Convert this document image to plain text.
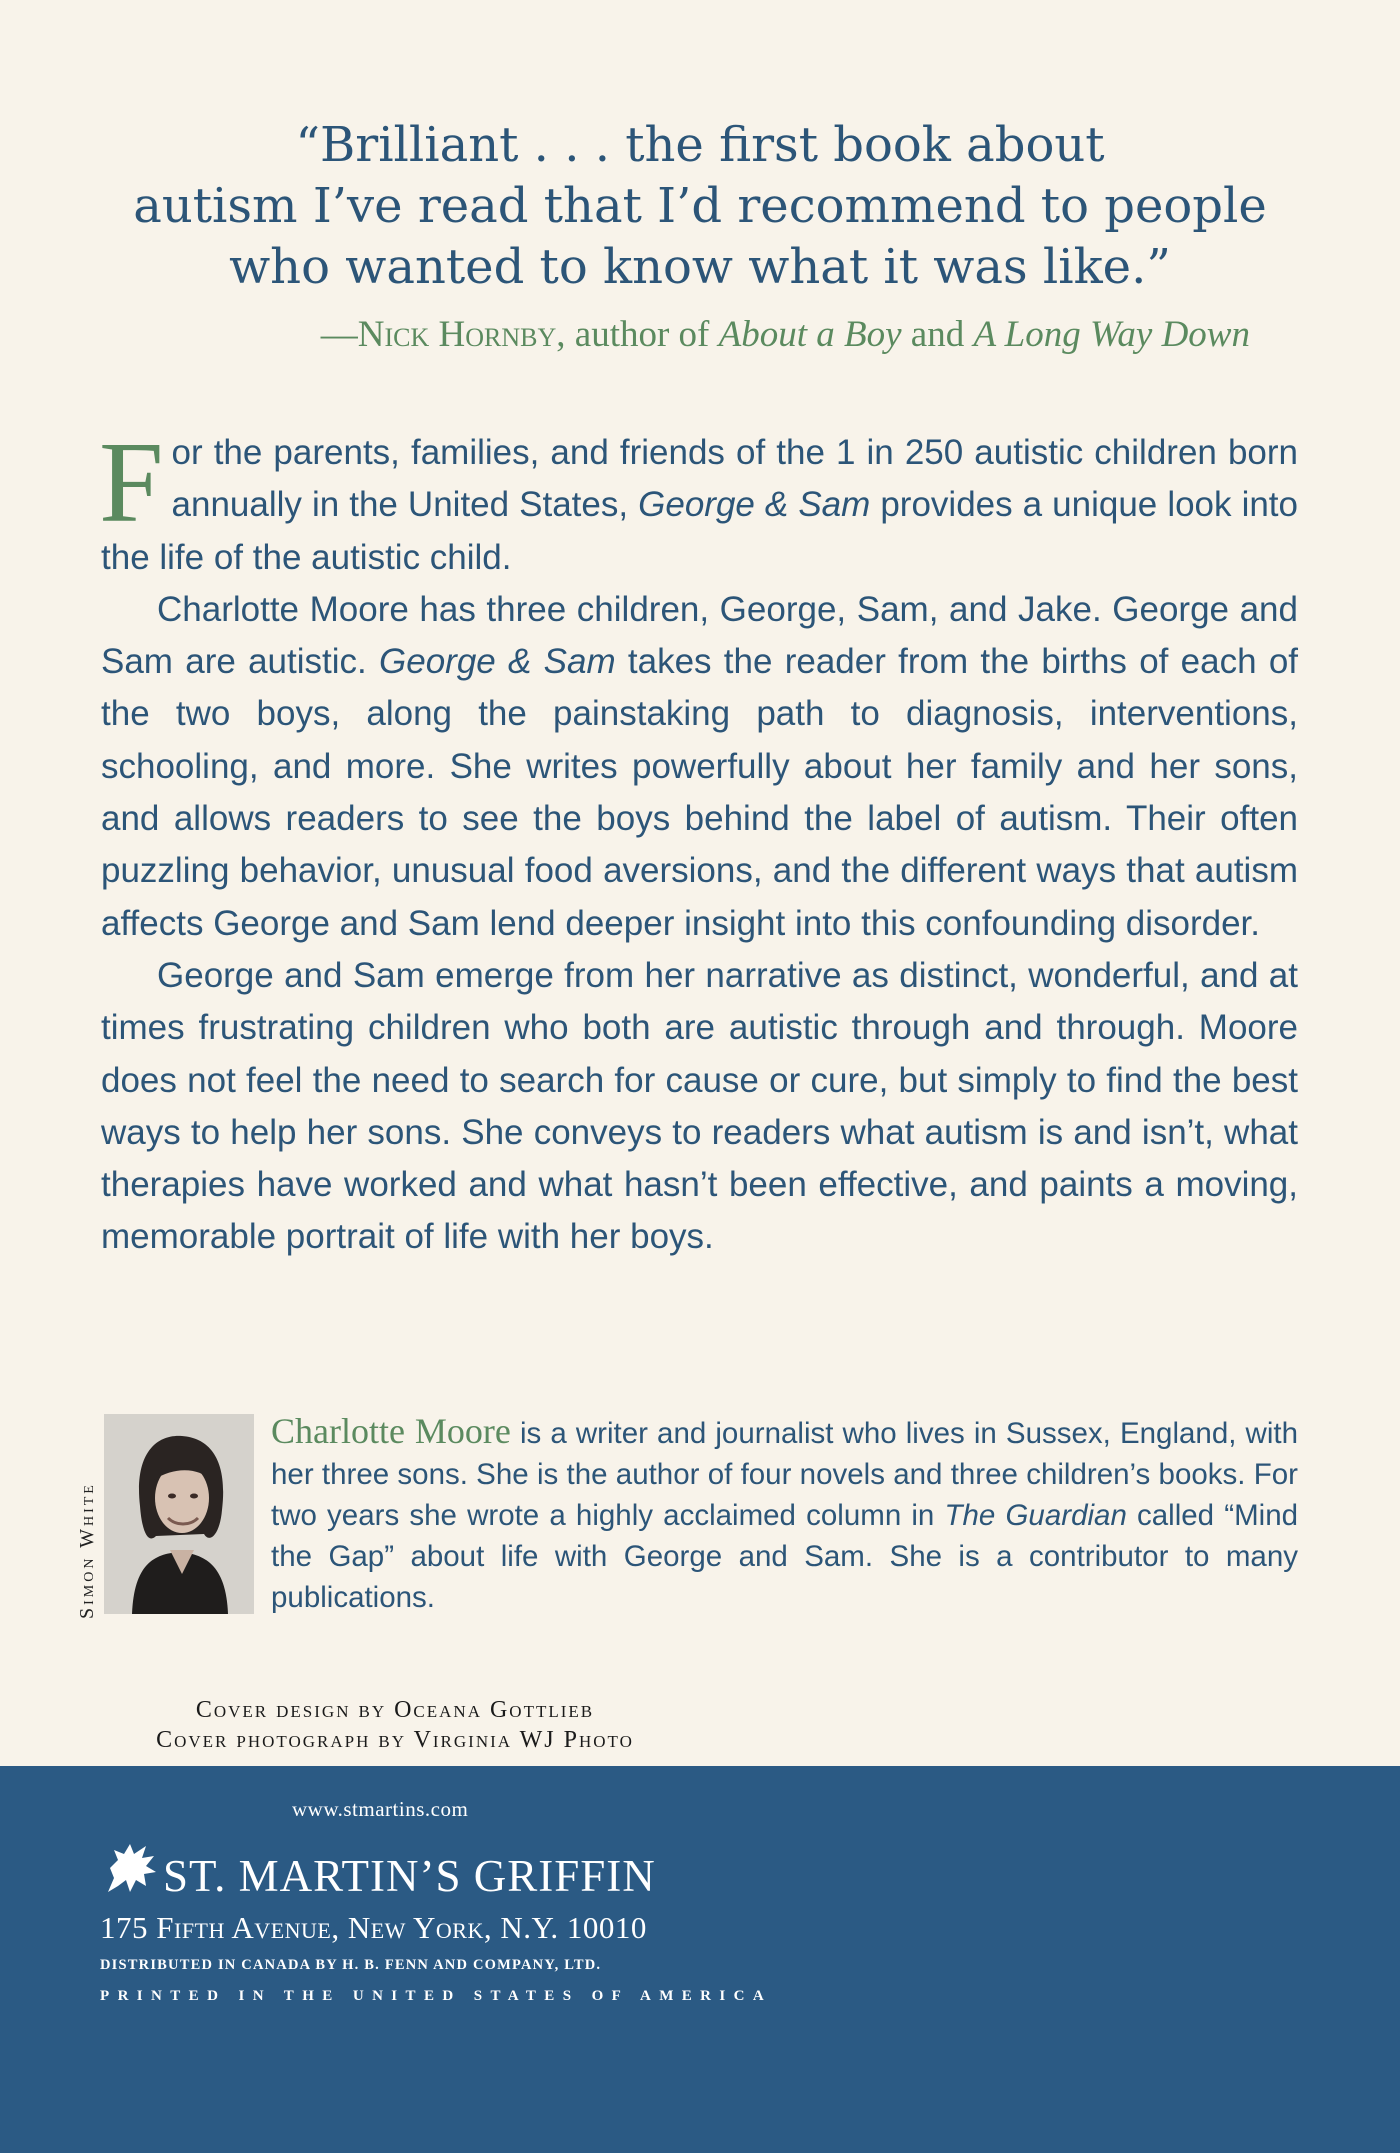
“Brilliant . . . the first book about
autism I’ve read that I’d recommend to people
who wanted to know what it was like.”
—Nick Hornby, author of About a Boy and A Long Way Down

For the parents, families, and friends of the 1 in 250 autistic children born annually in the United States, George & Sam provides a unique look into the life of the autistic child.

Charlotte Moore has three children, George, Sam, and Jake. George and Sam are autistic. George & Sam takes the reader from the births of each of the two boys, along the painstaking path to diagnosis, interventions, schooling, and more. She writes powerfully about her family and her sons, and allows readers to see the boys behind the label of autism. Their often puzzling behavior, unusual food aversions, and the different ways that autism affects George and Sam lend deeper insight into this confounding disorder.

George and Sam emerge from her narrative as distinct, wonderful, and at times frustrating children who both are autistic through and through. Moore does not feel the need to search for cause or cure, but simply to find the best ways to help her sons. She conveys to readers what autism is and isn’t, what therapies have worked and what hasn’t been effective, and paints a moving, memorable portrait of life with her boys.

Simon White
Charlotte Moore is a writer and journalist who lives in Sussex, England, with her three sons. She is the author of four novels and three children’s books. For two years she wrote a highly acclaimed column in The Guardian called “Mind the Gap” about life with George and Sam. She is a contributor to many publications.
Cover design by Oceana Gottlieb
Cover photograph by Virginia WJ Photo
www.stmartins.com
ST. MARTIN’S GRIFFIN
175 Fifth Avenue, New York, N.Y. 10010
DISTRIBUTED IN CANADA BY H. B. FENN AND COMPANY, LTD.
PRINTED IN THE UNITED STATES OF AMERICA
